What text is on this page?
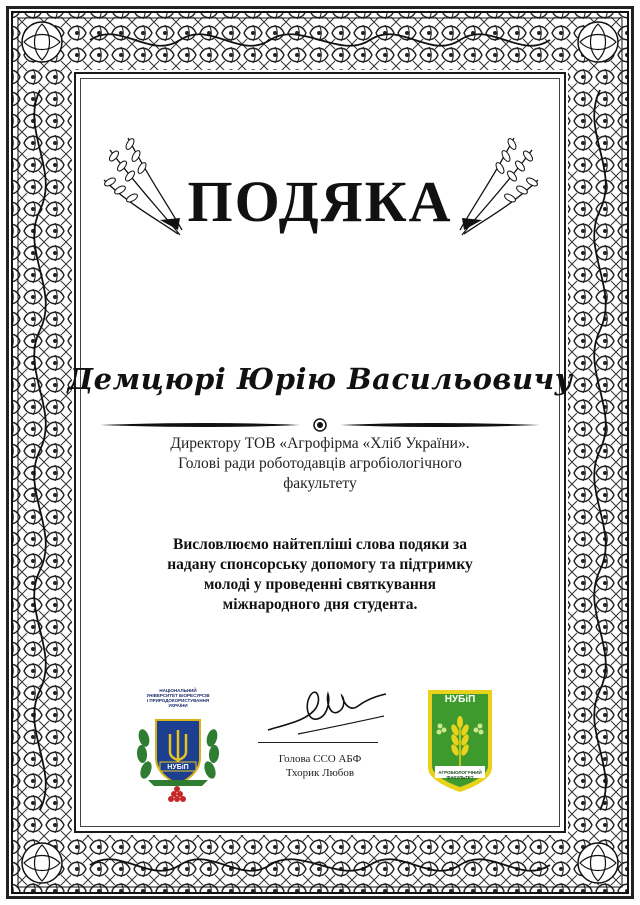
ПОДЯКА
Демцюрі Юрію Васильовичу
Директору ТОВ «Агрофірма «Хліб України».
Голові ради роботодавців агробіологічного
факультету
Висловлюємо найтепліші слова подяки за
надану спонсорську допомогу та підтримку
молоді у проведенні святкування
міжнародного дня студента.
НУБіП
НАЦІОНАЛЬНИЙ
УНІВЕРСИТЕТ БІОРЕСУРСІВ
І ПРИРОДОКОРИСТУВАННЯ УКРАЇНИ
Голова ССО АБФ
Тхорик Любов
НУБіП
АГРОБІОЛОГІЧНИЙ
ФАКУЛЬТЕТ
